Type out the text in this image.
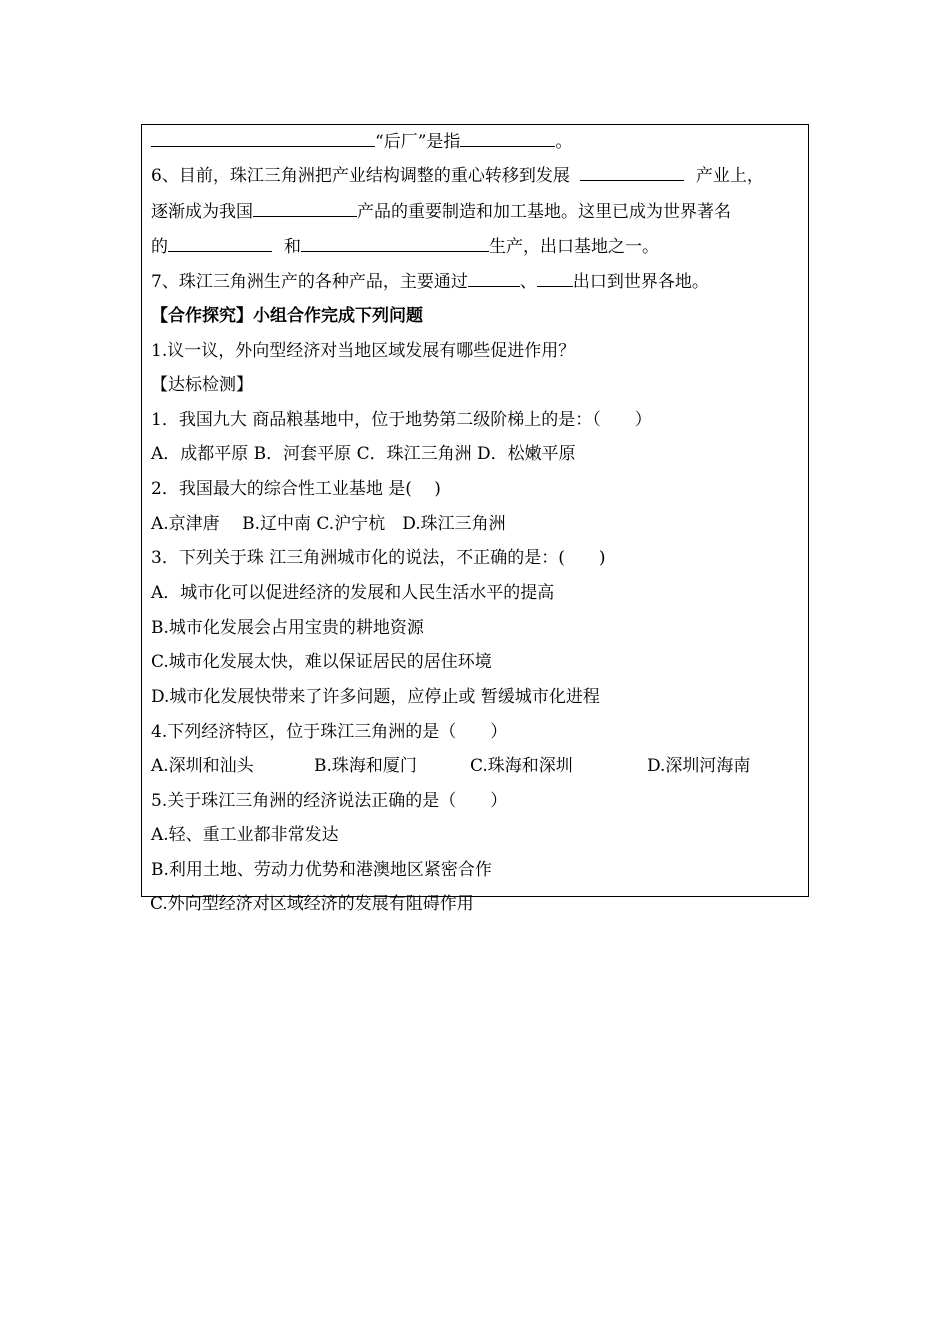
“后厂”是指	。
6、目前，珠江三角洲把产业结构调整的重心转移到发展	产业上，
逐渐成为我国	产品的重要制造和加工基地。这里已成为世界著名
的	和	生产，出口基地之一。
7、珠江三角洲生产的各种产品，主要通过	、 出口到世界各地。
【合作探究】小组合作完成下列问题
1.议一议，外向型经济对当地区域发展有哪些促进作用？
【达标检测】
1．我国九大 商品粮基地中，位于地势第二级阶梯上的是：（　　）
A．成都平原 B．河套平原 C．珠江三角洲 D．松嫩平原
2．我国最大的综合性工业基地 是(　 )
A.京津唐　 B.辽中南 C.沪宁杭　D.珠江三角洲
3．下列关于珠 江三角洲城市化的说法，不正确的是：(　　)
A．城市化可以促进经济的发展和人民生活水平的提高
B.城市化发展会占用宝贵的耕地资源
C.城市化发展太快，难以保证居民的居住环境
D.城市化发展快带来了许多问题，应停止或 暂缓城市化进程
4.下列经济特区，位于珠江三角洲的是（　　）
A.深圳和汕头	B.珠海和厦门	C.珠海和深圳	D.深圳河海南
5.关于珠江三角洲的经济说法正确的是（　　）
A.轻、重工业都非常发达
B.利用土地、劳动力优势和港澳地区紧密合作
C.外向型经济对区域经济的发展有阻碍作用
